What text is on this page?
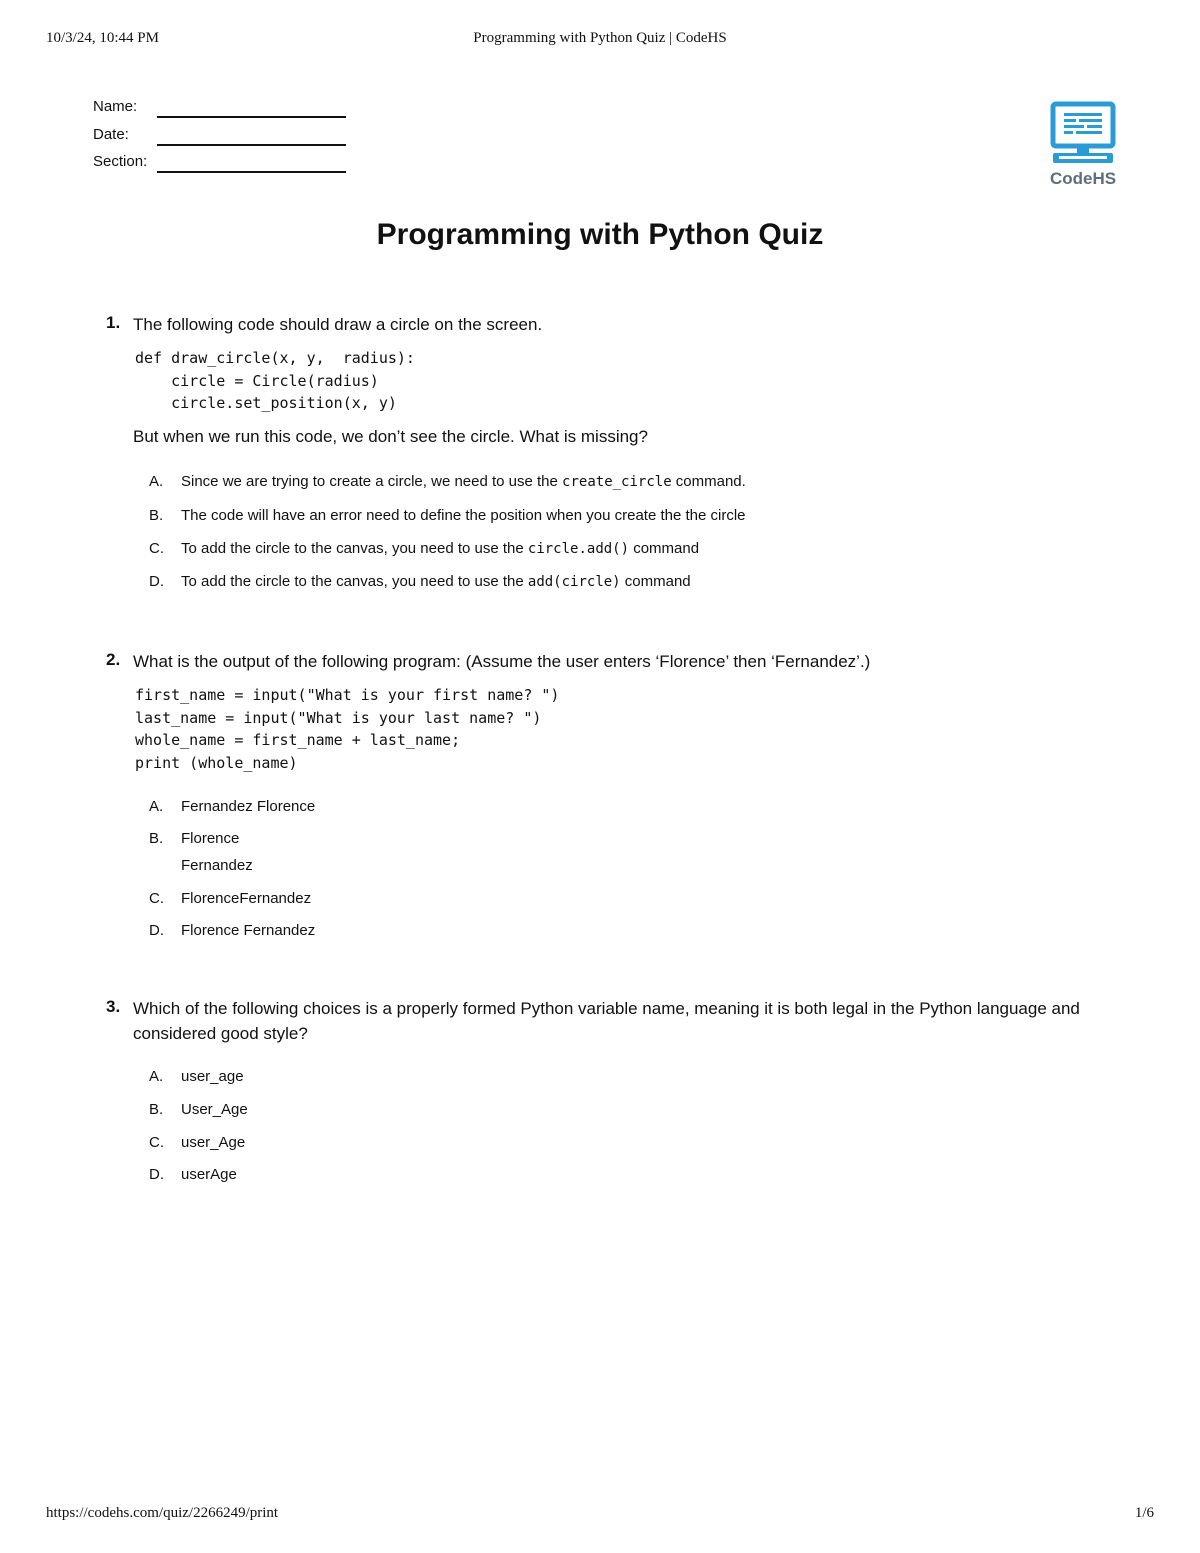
10/3/24, 10:44 PM	Programming with Python Quiz | CodeHS
Name:
Date:
Section:
CodeHS
Programming with Python Quiz
1. The following code should draw a circle on the screen.
def draw_circle(x, y,  radius):
circle = Circle(radius)
circle.set_position(x, y)
But when we run this code, we don’t see the circle. What is missing?
A. Since we are trying to create a circle, we need to use the create_circle command.
B. The code will have an error need to define the position when you create the the circle
C. To add the circle to the canvas, you need to use the circle.add() command
D. To add the circle to the canvas, you need to use the add(circle) command
2. What is the output of the following program: (Assume the user enters ‘Florence’ then ‘Fernandez’.)
first_name = input("What is your first name? ")
last_name = input("What is your last name? ")
whole_name = first_name + last_name;
print (whole_name)
A. Fernandez Florence
B. Florence
Fernandez
C. FlorenceFernandez
D. Florence Fernandez
3. Which of the following choices is a properly formed Python variable name, meaning it is both legal in the Python language and considered good style?
A. user_age
B. User_Age
C. user_Age
D. userAge
https://codehs.com/quiz/2266249/print	1/6
